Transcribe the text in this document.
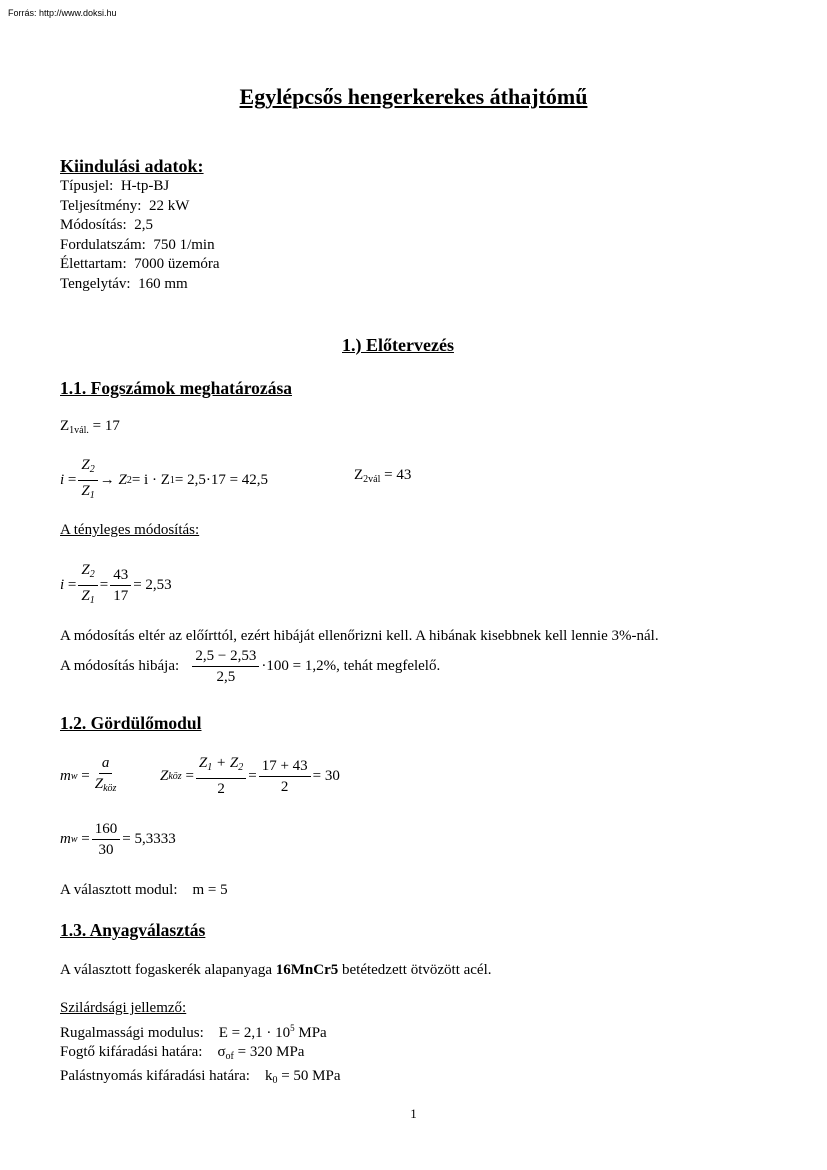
Forrás: http://www.doksi.hu
Egylépcsős hengerkerekes áthajtómű
Kiindulási adatok:
Típusjel: H-tp-BJ
Teljesítmény: 22 kW
Módosítás: 2,5
Fordulatszám: 750 1/min
Élettartam: 7000 üzemóra
Tengelytáv: 160 mm
1.) Előtervezés
1.1. Fogszámok meghatározása
$Z_{1vál.} = 17$
i
= $\frac{Z_2}{Z_1}$ →
Z 2 = i · Z 1 = 2,5·17 = 42,5	$Z_{2vál} = 43$
A tényleges módosítás:
i
= $\frac{Z_2}{Z_1} = \frac{43}{17} = 2,53$
A módosítás eltér az előírttól, ezért hibáját ellenőrizni kell. A hibának kisebbnek kell lennie 3%-nál.
A módosítás hibája:
$\frac{2,5 - 2,53}{2,5} \cdot 100 = 1,2\%$ , tehát megfelelő.
1.2. Gördülőmodul
m w
= $\frac{a}{Z_{köz}}$	Z köz
= $\frac{Z_1 + Z_2}{2} = \frac{17 + 43}{2} = 30$
m w
= $\frac{160}{30} = 5,3333$
A választott modul: m = 5
1.3. Anyagválasztás
A választott fogaskerék alapanyaga 16MnCr5 betétedzett ötvözött acél.
Szilárdsági jellemző:
Rugalmassági modulus: $E = 2,1 \cdot 10^5$ MPa
Fogtő kifáradási határa: $\sigma_{of} = 320$ MPa
Palástnyomás kifáradási határa: $k_0 = 50$ MPa
1
